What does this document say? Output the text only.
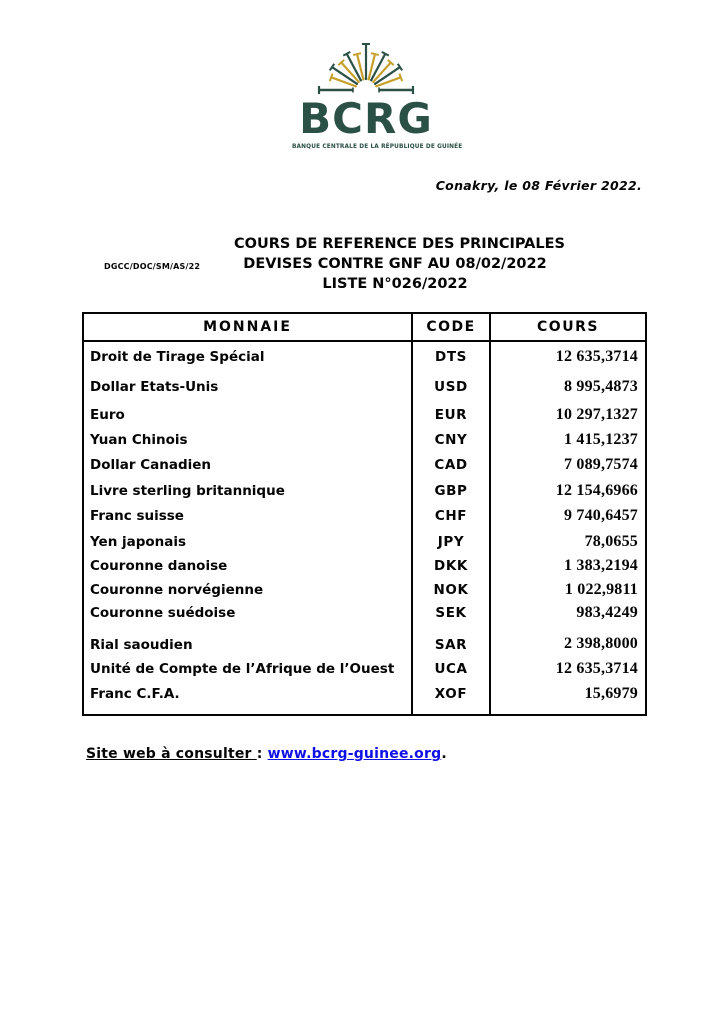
BCRG
BANQUE CENTRALE DE LA RÉPUBLIQUE DE GUINÉE
Conakry, le 08 Février 2022.
DGCC/DOC/SM/AS/22
COURS DE REFERENCE DES PRINCIPALES
DEVISES CONTRE GNF AU 08/02/2022
LISTE N°026/2022
MONNAIE	CODE	COURS
Droit de Tirage Spécial	DTS	12 635,3714
Dollar Etats-Unis	USD	8 995,4873
Euro	EUR	10 297,1327
Yuan Chinois	CNY	1 415,1237
Dollar Canadien	CAD	7 089,7574
Livre sterling britannique	GBP	12 154,6966
Franc suisse	CHF	9 740,6457
Yen japonais	JPY	78,0655
Couronne danoise	DKK	1 383,2194
Couronne norvégienne	NOK	1 022,9811
Couronne suédoise	SEK	983,4249
Rial saoudien	SAR	2 398,8000
Unité de Compte de l’Afrique de l’Ouest	UCA	12 635,3714
Franc C.F.A.	XOF	15,6979
Site web à consulter : www.bcrg-guinee.org.
